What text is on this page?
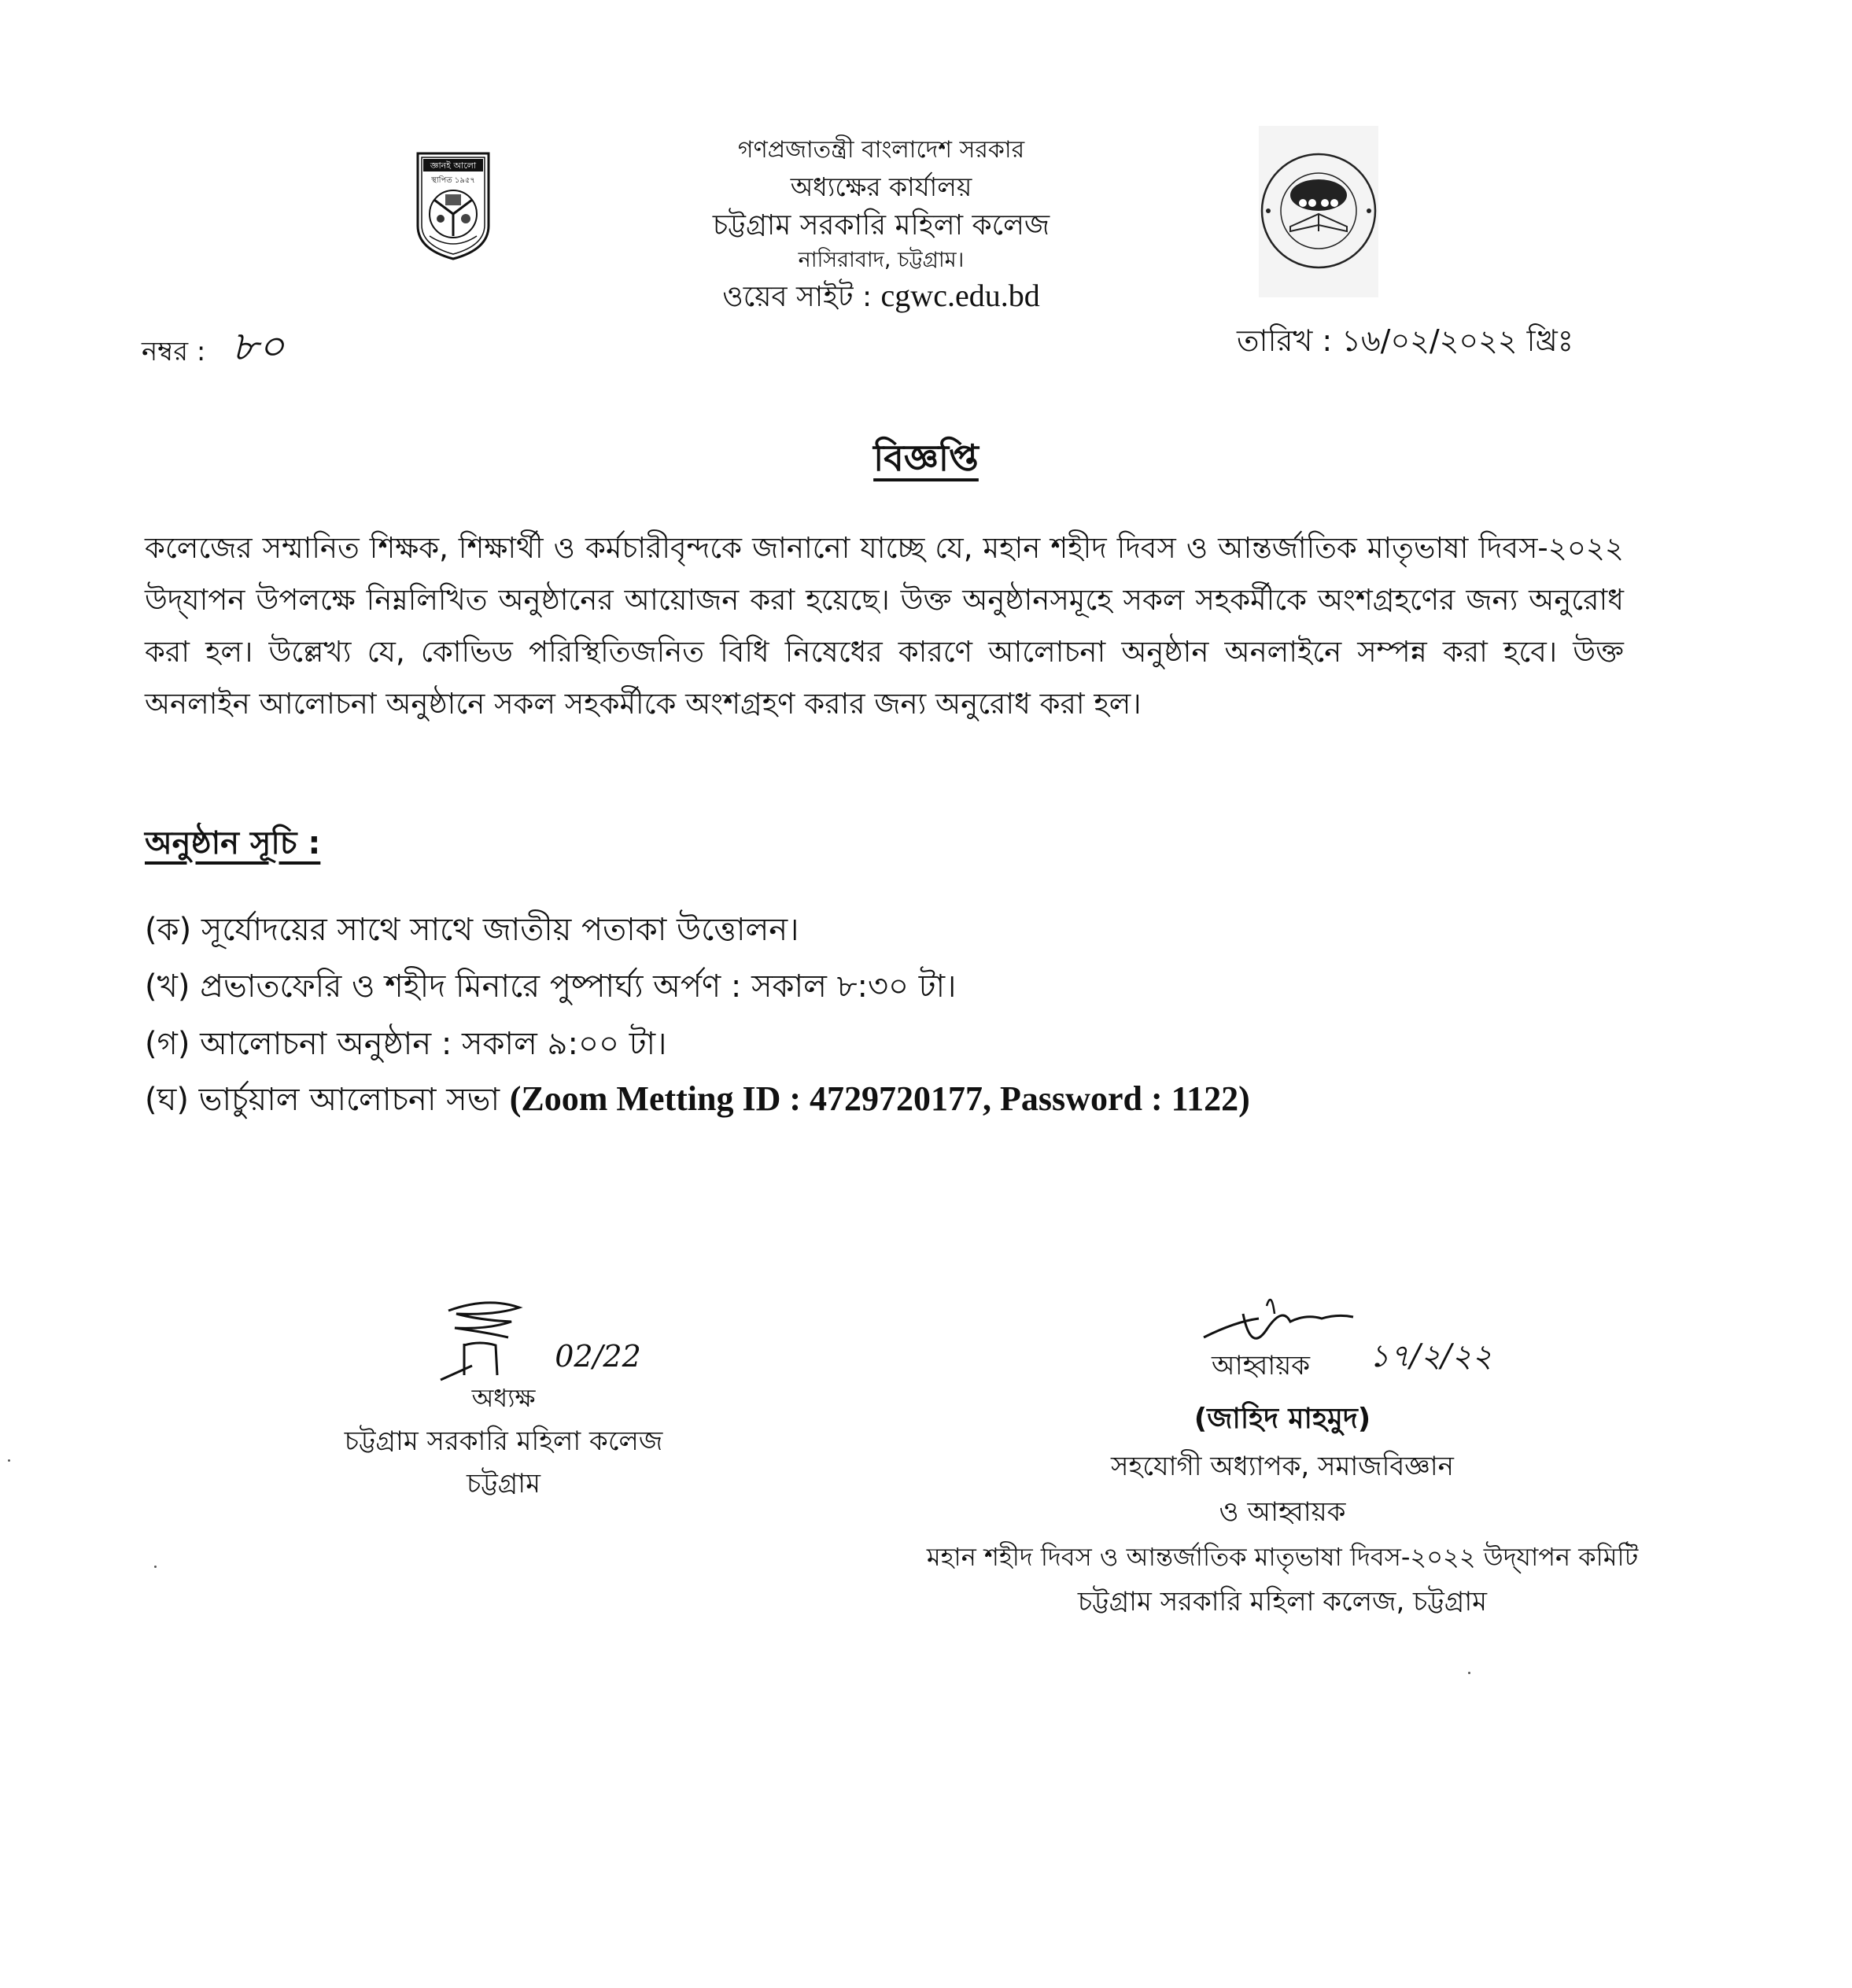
জ্ঞানই আলো
স্থাপিত ১৯৫৭
গণপ্রজাতন্ত্রী বাংলাদেশ সরকার
অধ্যক্ষের কার্যালয়
চট্টগ্রাম সরকারি মহিলা কলেজ
নাসিরাবাদ, চট্টগ্রাম।
ওয়েব সাইট : cgwc.edu.bd
নম্বর : ৮০	তারিখ : ১৬/০২/২০২২ খ্রিঃ
বিজ্ঞপ্তি
কলেজের সম্মানিত শিক্ষক, শিক্ষার্থী ও কর্মচারীবৃন্দকে জানানো যাচ্ছে যে, মহান শহীদ দিবস ও আন্তর্জাতিক মাতৃভাষা দিবস-২০২২ উদ্‌যাপন উপলক্ষে নিম্নলিখিত অনুষ্ঠানের আয়োজন করা হয়েছে। উক্ত অনুষ্ঠানসমূহে সকল সহকর্মীকে অংশগ্রহণের জন্য অনুরোধ করা হল। উল্লেখ্য যে, কোভিড পরিস্থিতিজনিত বিধি নিষেধের কারণে আলোচনা অনুষ্ঠান অনলাইনে সম্পন্ন করা হবে। উক্ত অনলাইন আলোচনা অনুষ্ঠানে সকল সহকর্মীকে অংশগ্রহণ করার জন্য অনুরোধ করা হল।
অনুষ্ঠান সূচি :
(ক) সূর্যোদয়ের সাথে সাথে জাতীয় পতাকা উত্তোলন।
(খ) প্রভাতফেরি ও শহীদ মিনারে পুষ্পার্ঘ্য অর্পণ : সকাল ৮:৩০ টা।
(গ) আলোচনা অনুষ্ঠান : সকাল ৯:০০ টা।
(ঘ) ভার্চুয়াল আলোচনা সভা (Zoom Metting ID : 4729720177, Password : 1122)
02/22
অধ্যক্ষ
চট্টগ্রাম সরকারি মহিলা কলেজ
চট্টগ্রাম
আহ্বায়ক ১৭/২/২২
(জাহিদ মাহমুদ)
সহযোগী অধ্যাপক, সমাজবিজ্ঞান
ও আহ্বায়ক
মহান শহীদ দিবস ও আন্তর্জাতিক মাতৃভাষা দিবস-২০২২ উদ্‌যাপন কমিটি
চট্টগ্রাম সরকারি মহিলা কলেজ, চট্টগ্রাম
